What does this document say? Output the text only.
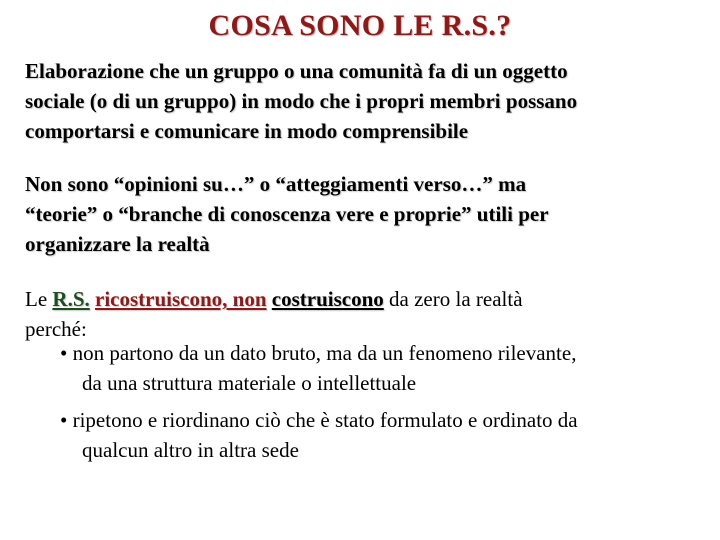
COSA SONO LE R.S.?
Elaborazione che un gruppo o una comunità fa di un oggetto
sociale (o di un gruppo) in modo che i propri membri possano
comportarsi e comunicare in modo comprensibile
Non sono “opinioni su…” o “atteggiamenti verso…” ma
“teorie” o “branche di conoscenza vere e proprie” utili per
organizzare la realtà
Le R.S. ricostruiscono, non costruiscono da zero la realtà
perché:
• non partono da un dato bruto, ma da un fenomeno rilevante,
da una struttura materiale o intellettuale
• ripetono e riordinano ciò che è stato formulato e ordinato da
qualcun altro in altra sede
